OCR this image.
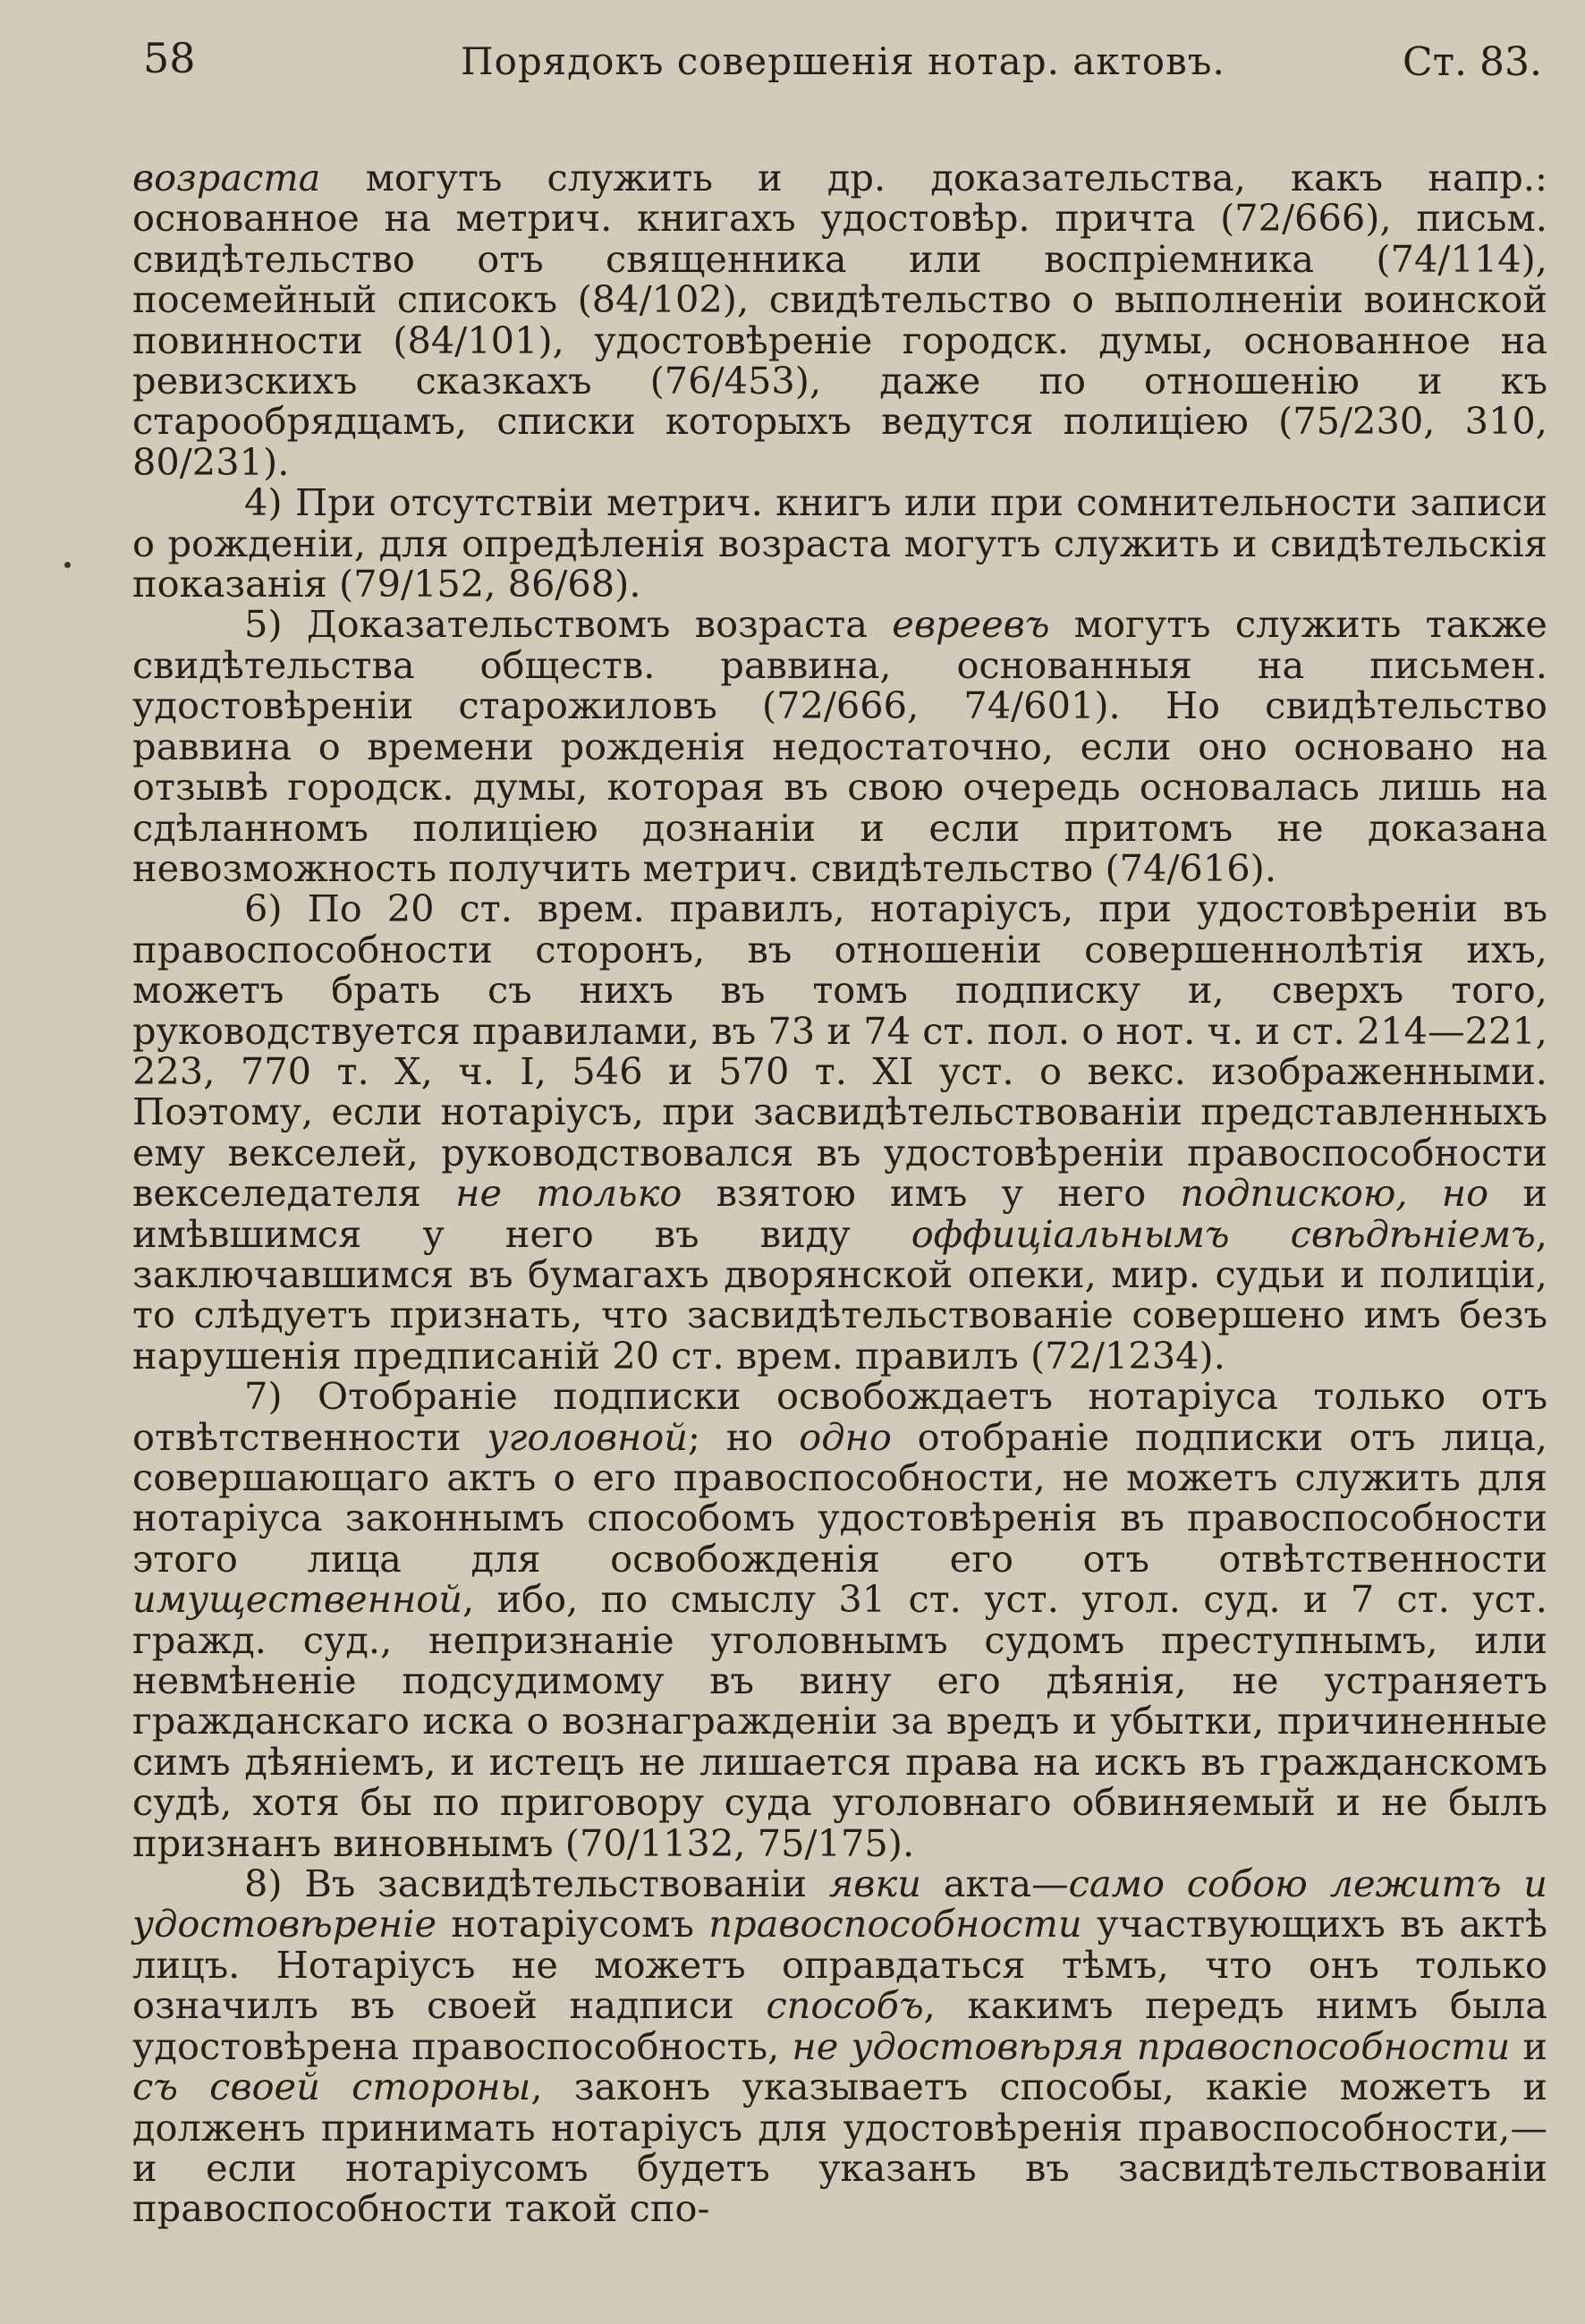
58	Порядокъ совершенія нотар. актовъ.	Ст. 83.

возраста могутъ служить и др. доказательства, какъ напр.: основанное на метрич. книгахъ удостовѣр. причта (72/666), письм. свидѣтельство отъ священника или воспріемника (74/114), посемейный списокъ (84/102), свидѣтельство о выполненіи воинской повинности (84/101), удостовѣреніе городск. думы, основанное на ревизскихъ сказкахъ (76/453), даже по отношенію и къ старообрядцамъ, списки которыхъ ведутся полиціею (75/230, 310, 80/231).

4) При отсутствіи метрич. книгъ или при сомнительности записи о рожденіи, для опредѣленія возраста могутъ служить и свидѣтельскія показанія (79/152, 86/68).

5) Доказательствомъ возраста евреевъ могутъ служить также свидѣтельства обществ. раввина, основанныя на письмен. удостовѣреніи старожиловъ (72/666, 74/601). Но свидѣтельство раввина о времени рожденія недостаточно, если оно основано на отзывѣ городск. думы, которая въ свою очередь основалась лишь на сдѣланномъ полиціею дознаніи и если притомъ не доказана невозможность получить метрич. свидѣтельство (74/616).

6) По 20 ст. врем. правилъ, нотаріусъ, при удостовѣреніи въ правоспособности сторонъ, въ отношеніи совершеннолѣтія ихъ, можетъ брать съ нихъ въ томъ подписку и, сверхъ того, руководствуется правилами, въ 73 и 74 ст. пол. о нот. ч. и ст. 214—221, 223, 770 т. X, ч. I, 546 и 570 т. XI уст. о векс. изображенными. Поэтому, если нотаріусъ, при засвидѣтельствованіи представленныхъ ему векселей, руководствовался въ удостовѣреніи правоспособности векселедателя не только взятою имъ у него подпискою, но и имѣвшимся у него въ виду оффиціальнымъ свѣдѣніемъ, заключавшимся въ бумагахъ дворянской опеки, мир. судьи и полиціи, то слѣдуетъ признать, что засвидѣтельствованіе совершено имъ безъ нарушенія предписаній 20 ст. врем. правилъ (72/1234).

7) Отобраніе подписки освобождаетъ нотаріуса только отъ отвѣтственности уголовной; но одно отобраніе подписки отъ лица, совершающаго актъ о его правоспособности, не можетъ служить для нотаріуса законнымъ способомъ удостовѣренія въ правоспособности этого лица для освобожденія его отъ отвѣтственности имущественной, ибо, по смыслу 31 ст. уст. угол. суд. и 7 ст. уст. гражд. суд., непризнаніе уголовнымъ судомъ преступнымъ, или невмѣненіе подсудимому въ вину его дѣянія, не устраняетъ гражданскаго иска о вознагражденіи за вредъ и убытки, причиненные симъ дѣяніемъ, и истецъ не лишается права на искъ въ гражданскомъ судѣ, хотя бы по приговору суда уголовнаго обвиняемый и не былъ признанъ виновнымъ (70/1132, 75/175).

8) Въ засвидѣтельствованіи явки акта—само собою лежитъ и удостовѣреніе нотаріусомъ правоспособности участвующихъ въ актѣ лицъ. Нотаріусъ не можетъ оправдаться тѣмъ, что онъ только означилъ въ своей надписи способъ, какимъ передъ нимъ была удостовѣрена правоспособность, не удостовѣряя правоспособности и съ своей стороны, законъ указываетъ способы, какіе можетъ и долженъ принимать нотаріусъ для удостовѣренія правоспособности,—и если нотаріусомъ будетъ указанъ въ засвидѣтельствованіи правоспособности такой спо-
